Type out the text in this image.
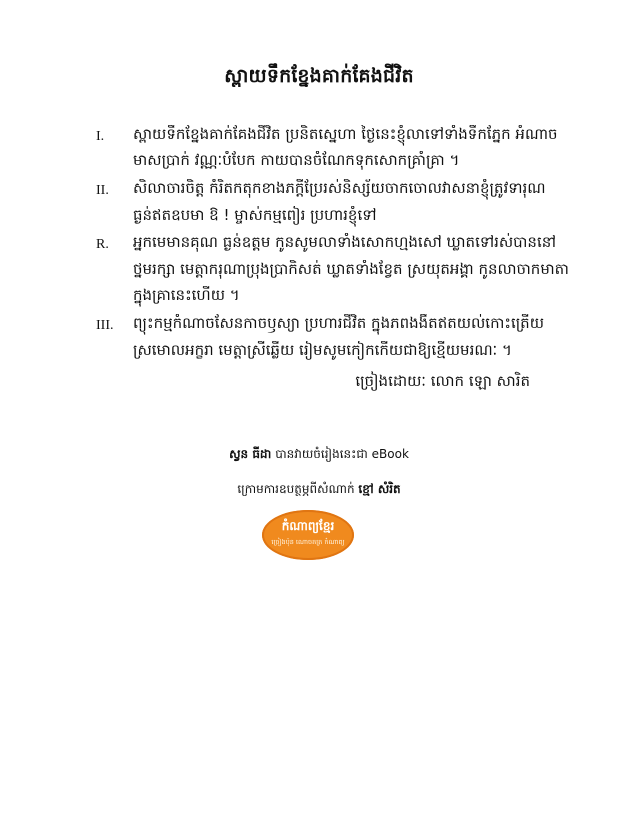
ស្ពាយទឹកខ្នែងគាក់គែងជីវិត
I. ស្ពាយទឹកខ្នែងគាក់គែងជីវិត ប្រនិតស្នេហា ថ្ងៃនេះខ្ញុំលាទៅទាំងទឹកភ្នែក អំណាច
មាសប្រាក់ វណ្ណៈបំបែក កាយបានចំណែកទុកសោកគ្រាំគ្រា ។
II. សិលាចារចិត្ត កំរិតកតុកខាងភក្ដីប្រែរស់និស្ស័យចាកចោលវាសនាខ្ញុំត្រូវទារុណ
ធ្ងន់ឥតឧបមា ឱ ! ម្ចាស់កម្មពៀរ ប្រហារខ្ញុំទៅ
R. អ្នកមេមានគុណ ធ្ងន់ឧត្តម កូនសូមលាទាំងសោកហ្មងសៅ ឃ្លាតទៅរស់បាននៅ
ថ្នមរក្សា មេត្តាករុណាប្រុងប្រាកិសត់ ឃ្លាតទាំងខ្វែត ស្រយុតអង្គា កូនលាចាកមាតា
ក្នុងគ្រានេះហើយ ។
III. ព្យុះកម្មកំណាចសែនកាចឫស្យា ប្រហារជីវិត ក្នុងភពងងឹតឥតយល់កោះត្រើយ
ស្រមោលអក្ខរា មេត្តាស្រីឆ្លើយ រៀមសូមកៀកកើយជាឱ្យខ្មើយមរណៈ ។
ច្រៀងដោយៈ លោក ឡោ សារិត
ស្វន ធីដា បានវាយចំរៀងនេះជា eBook
ក្រោមការឧបត្ថម្ភពីសំណាក់ ខ្មៅ សំរិត
កំណាព្យខ្មែរ
ច្រៀងប៉ុន ណោចគត្រ កំណាព្យ
